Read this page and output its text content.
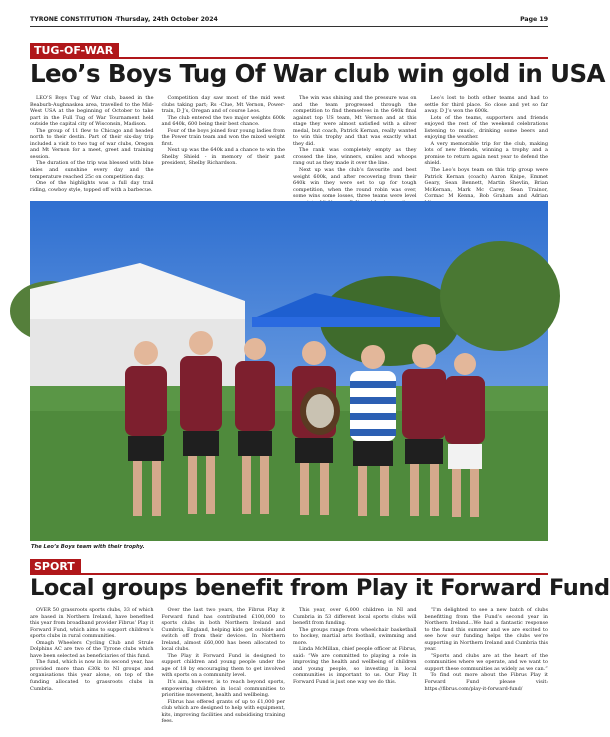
TYRONE CONSTITUTION -Thursday, 24th October 2024	Page 19
TUG-OF-WAR
Leo’s Boys Tug Of War club win gold in USA

LEO’S Boys Tug of War club, based in the Beaburb-Aughnaskea area, travelled to the Mid-West USA at the beginning of October to take part in the Full Tug of War Tournament held outside the capital city of Wisconsin, Madison.

The group of 11 flew to Chicago and headed north to their destin. Part of their six-day trip included a visit to two tug of war clubs, Oregon and Mt Vernon for a meet, greet and training session.

The duration of the trip was blessed with blue skies and sunshine every day and the temperature reached 25c on competition day.

One of the highlights was a full day trail riding, cowboy style, topped off with a barbecue.

Competition day saw most of the mid west clubs taking part; Rs -Clue, Mt Vernon, Power-train, D J’s, Oregan and of course Leos.

The club entered the two major weights 600k and 640k, 600 being their best chance.

Four of the boys joined four young ladies from the Power train team and won the mixed weight first.

Next up was the 640k and a chance to win the Shelby Shield - in memory of their past president, Shelby Richardson.

The win was shining and the pressure was on and the team progressed through the competition to find themselves in the 640k final against top US team, Mt Vernon and at this stage they were almost satisfied with a silver medal, but coach, Patrick Kernan, really wanted to win this trophy and that was exactly what they did.

The rank was completely empty as they crossed the line, winners, smiles and whoops rang out as they made it over the line.

Next up was the club’s favourite and best weight 600k, and after recovering from their 640k win they were set to up for tough competition, when the round robin was over, some wins some losses, three teams were level

Leo’s lost to both other teams and had to settle for third place. So close and yet so far away. D J’s won the 600k.

Lots of the teams, supporters and friends enjoyed the rest of the weekend celebrations listening to music, drinking some beers and enjoying the weather.

A very memorable trip for the club, making lots of new friends, winning a trophy and a promise to return again next year to defend the shield.

The Leo’s boys team on this trip group were Patrick Kernan (coach) Aaron Knipe, Emmet Geary, Sean Bennett, Martin Shevlin, Brian McKernan, Mark Mc Carey, Sean Trainor, Cormac M Kenna, Bob Graham and Adrian

The Leo’s Boys team with their trophy.
SPORT
Local groups benefit from Play it Forward Fund

OVER 50 grassroots sports clubs, 33 of which are based in Northern Ireland, have benefited this year from broadband provider Fibrus’ Play it Forward Fund, which aims to support children’s sports clubs in rural communities.

Omagh Wheelers Cycling Club and Strule Dolphins AC are two of the Tyrone clubs which have been selected as beneficiaries of this fund.

The fund, which is now in its second year, has provided more than £30k to NI groups and organisations this year alone, on top of the funding allocated to grassroots clubs in Cumbria.

Over the last two years, the Fibrus Play it Forward fund has contributed £100,000 to sports clubs in both Northern Ireland and Cumbria, England, helping kids get outside and switch off from their devices. In Northern Ireland, almost £60,000 has been allocated to local clubs.

The Play it Forward Fund is designed to support children and young people under the age of 18 by encouraging them to get involved with sports on a community level.

It’s aim, however, is to reach beyond sports, empowering children in local communities to prioritise movement, health and wellbeing.

Fibrus has offered grants of up to £1,000 per club which are designed to help with equipment, kits, improving facilities and subsidising training fees.

This year, over 6,000 children in NI and Cumbria in 53 different local sports clubs will benefit from funding.

The groups range from wheelchair basketball to hockey, martial arts football, swimming and more.

Linda McMillan, chief people officer at Fibrus, said: “We are committed to playing a role in improving the health and wellbeing of children and young people, so investing in local communities is important to us. Our Play It Forward Fund is just one way we do this.

“I’m delighted to see a new batch of clubs benefitting from the Fund’s second year in Northern Ireland…We had a fantastic response to the fund this summer and we are excited to see how our funding helps the clubs we’re supporting in Northern Ireland and Cumbria this year.

“Sports and clubs are at the heart of the communities where we operate, and we want to support these communities as widely as we can.”

To find out more about the Fibrus Play it Forward Fund please visit: https://fibrus.com/play-it-forward-fund/
